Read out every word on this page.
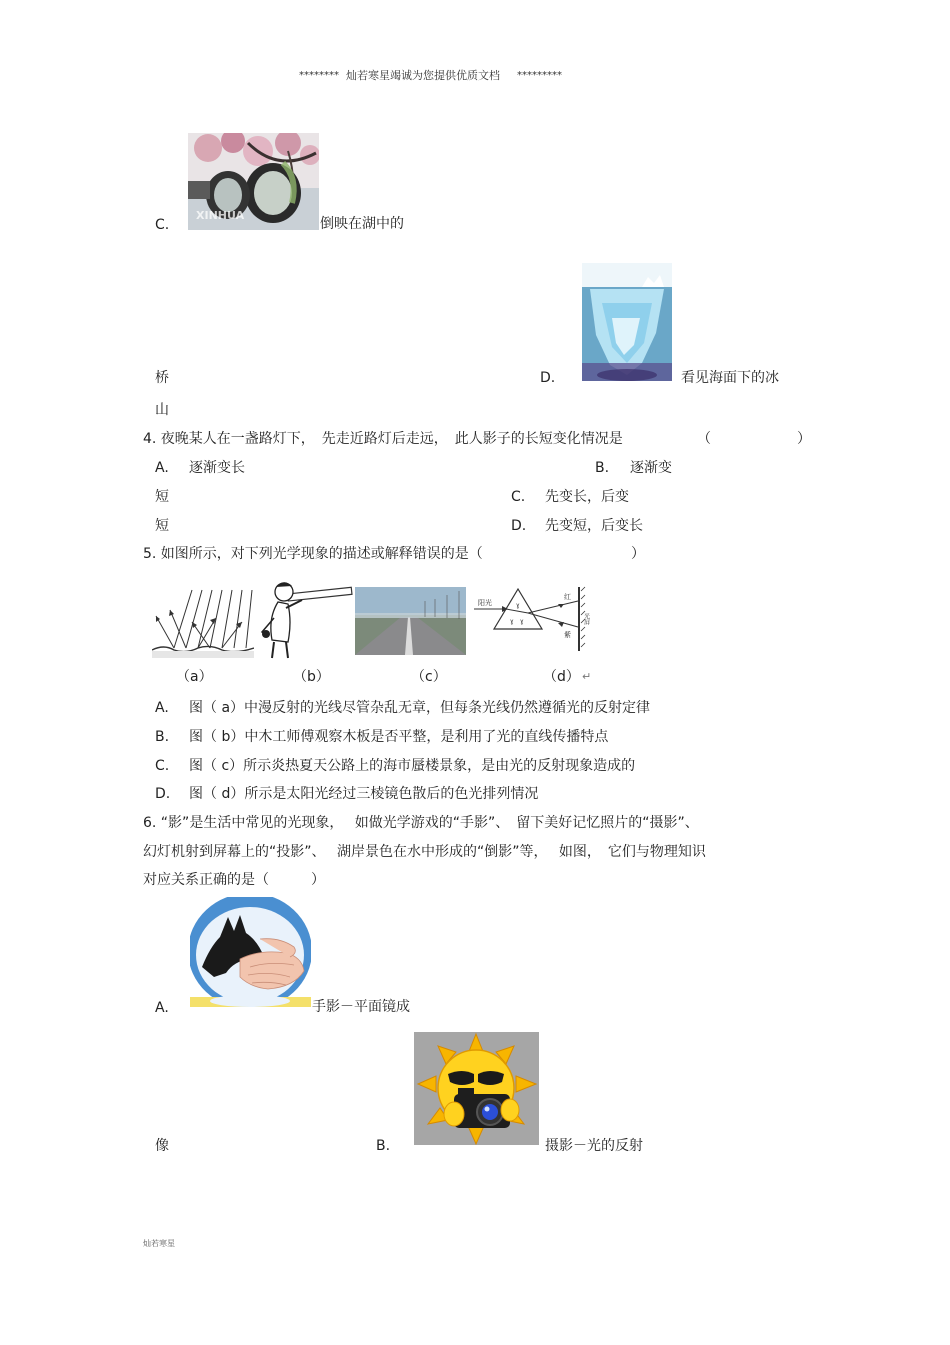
******** 灿若寒星竭诚为您提供优质文档 *********
XINHUA
C.	倒映在湖中的
桥	D.	看见海面下的冰
山
4. 夜晚某人在一盏路灯下，　先走近路灯后走远，　此人影子的长短变化情况是	（	）
A. 逐渐变长	B. 逐渐变
短	C. 先变长，后变
短	D. 先变短，后变长
5. 如图所示，对下列光学现象的描述或解释错误的是（	）
阳光
红
紫
光屏
ɣ ɣ
ɣ
（a）	（b）	（c）	（d） ↵
A. 图（ a）中漫反射的光线尽管杂乱无章，但每条光线仍然遵循光的反射定律
B. 图（ b）中木工师傅观察木板是否平整，是利用了光的直线传播特点
C. 图（ c）所示炎热夏天公路上的海市蜃楼景象，是由光的反射现象造成的
D. 图（ d）所示是太阳光经过三棱镜色散后的色光排列情况
6. “影”是生活中常见的光现象，　 如做光学游戏的“手影”、　留下美好记忆照片的“摄影”、
幻灯机射到屏幕上的“投影”、　 湖岸景色在水中形成的“倒影”等，　 如图，　它们与物理知识
对应关系正确的是（　　　）
A.	手影－平面镜成
像	B.	摄影－光的反射
灿若寒星
